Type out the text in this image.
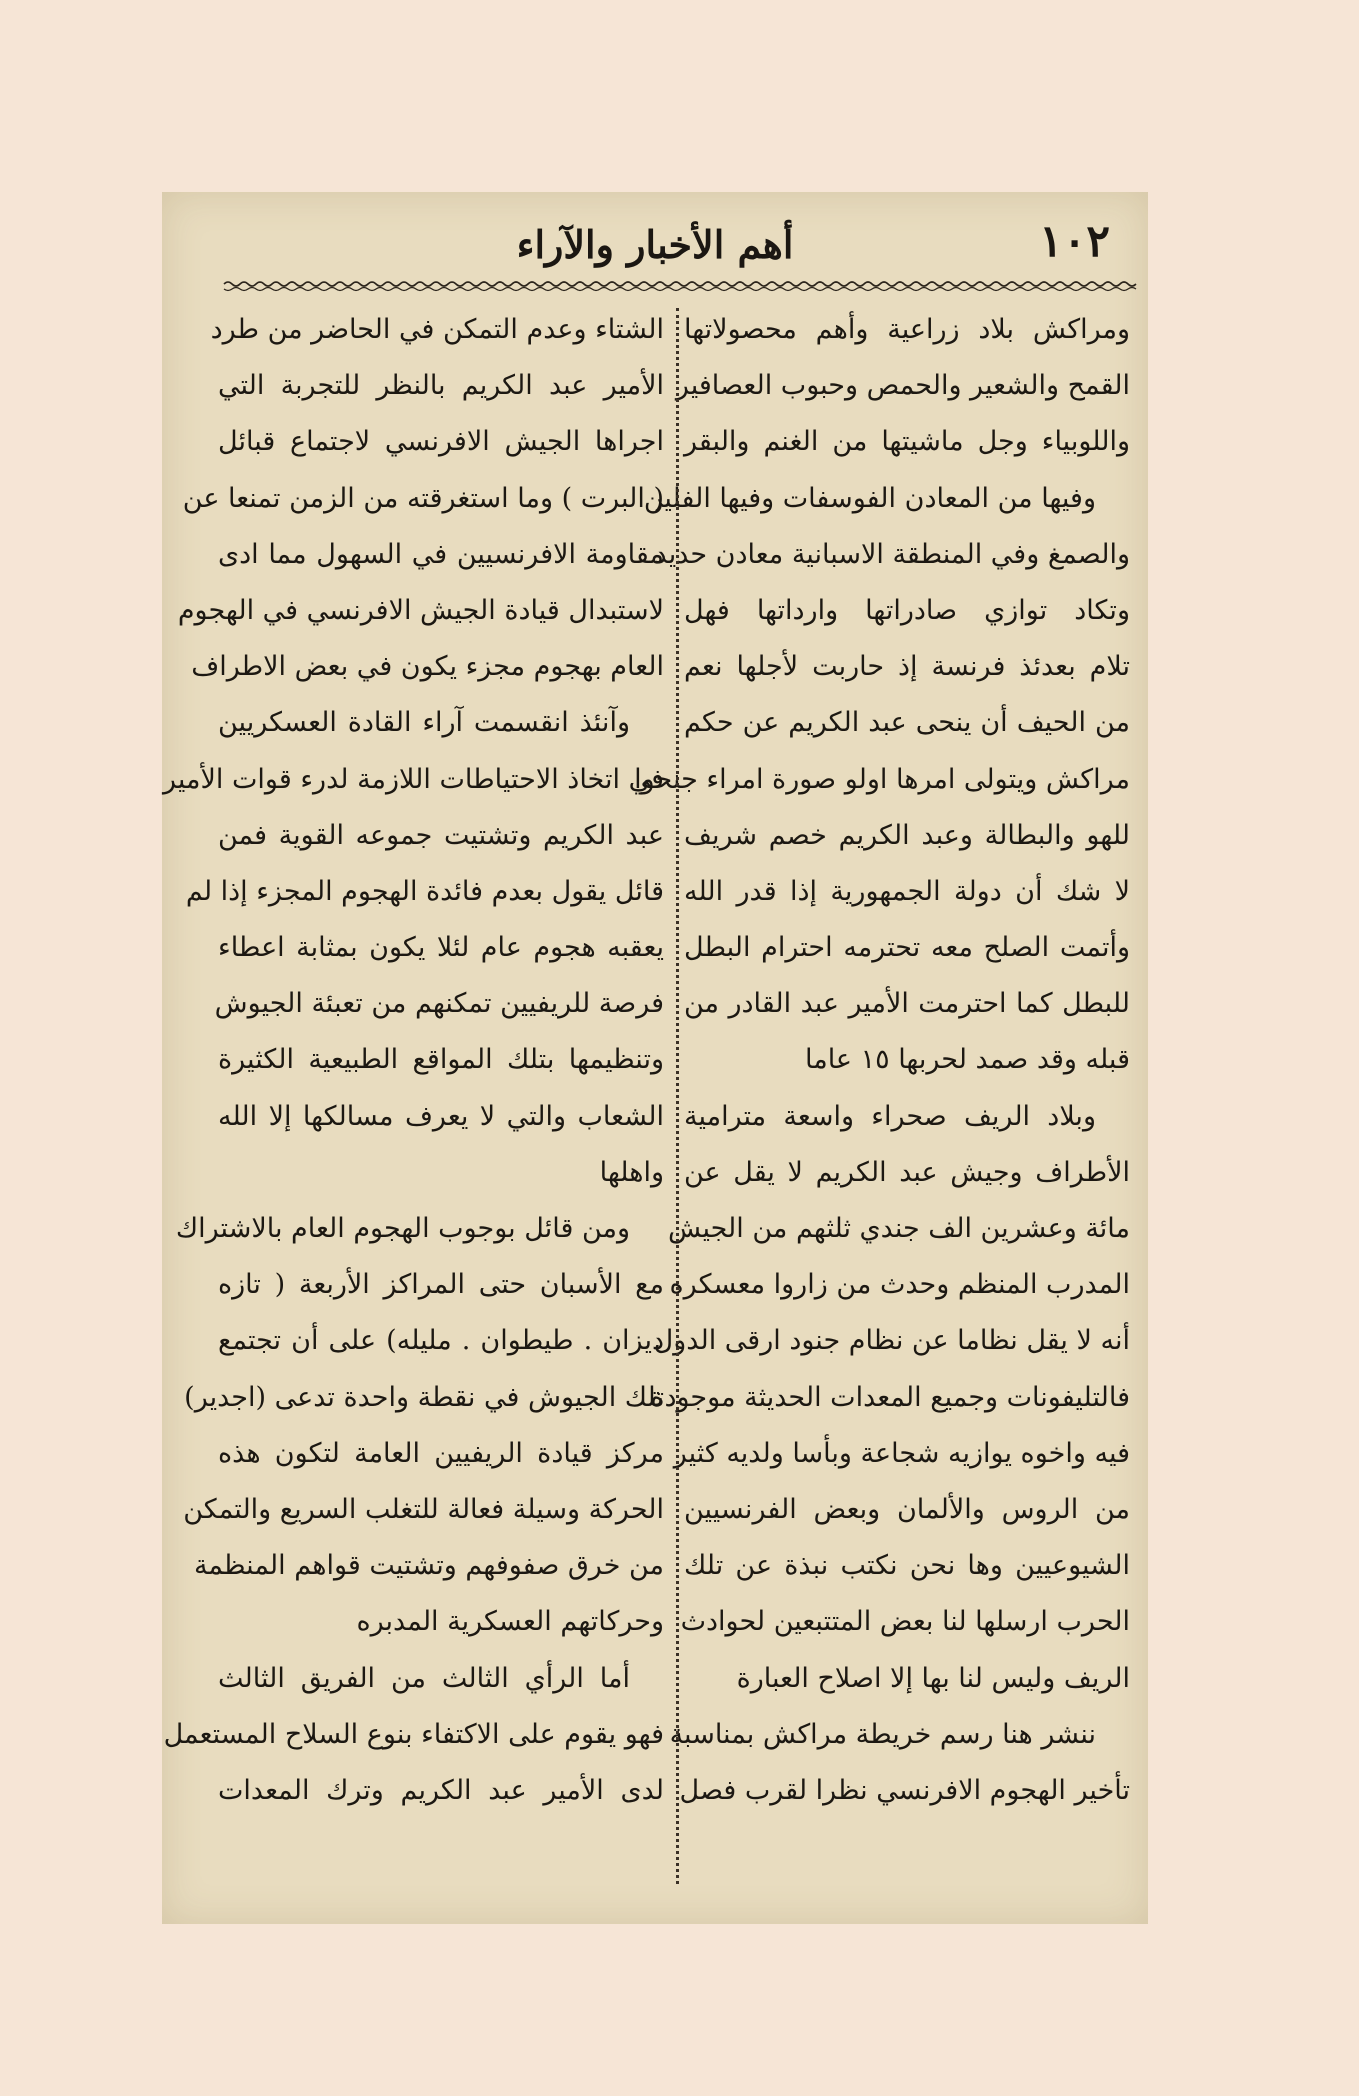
١٠٢
أهم الأخبار والآراء
ومراكش بلاد زراعية وأهم محصولاتها
القمح والشعير والحمص وحبوب العصافير
واللوبياء وجل ماشيتها من الغنم والبقر
وفيها من المعادن الفوسفات وفيها الفلين
والصمغ وفي المنطقة الاسبانية معادن حديد
وتكاد توازي صادراتها وارداتها فهل
تلام بعدئذ فرنسة إذ حاربت لأجلها نعم
من الحيف أن ينحى عبد الكريم عن حكم
مراكش ويتولى امرها اولو صورة امراء جنحوا
للهو والبطالة وعبد الكريم خصم شريف
لا شك أن دولة الجمهورية إذا قدر الله
وأتمت الصلح معه تحترمه احترام البطل
للبطل كما احترمت الأمير عبد القادر من
قبله وقد صمد لحربها ١٥ عاما
وبلاد الريف صحراء واسعة مترامية
الأطراف وجيش عبد الكريم لا يقل عن
مائة وعشرين الف جندي ثلثهم من الجيش
المدرب المنظم وحدث من زاروا معسكره
أنه لا يقل نظاما عن نظام جنود ارقى الدول
فالتليفونات وجميع المعدات الحديثة موجودة
فيه واخوه يوازيه شجاعة وبأسا ولديه كثير
من الروس والألمان وبعض الفرنسيين
الشيوعيين وها نحن نكتب نبذة عن تلك
الحرب ارسلها لنا بعض المتتبعين لحوادث
الريف وليس لنا بها إلا اصلاح العبارة
ننشر هنا رسم خريطة مراكش بمناسبة
تأخير الهجوم الافرنسي نظرا لقرب فصل
الشتاء وعدم التمكن في الحاضر من طرد
الأمير عبد الكريم بالنظر للتجربة التي
اجراها الجيش الافرنسي لاجتماع قبائل
( البرت ) وما استغرقته من الزمن تمنعا عن
مقاومة الافرنسيين في السهول مما ادى
لاستبدال قيادة الجيش الافرنسي في الهجوم
العام بهجوم مجزء يكون في بعض الاطراف
وآنئذ انقسمت آراء القادة العسكريين
في اتخاذ الاحتياطات اللازمة لدرء قوات الأمير
عبد الكريم وتشتيت جموعه القوية فمن
قائل يقول بعدم فائدة الهجوم المجزء إذا لم
يعقبه هجوم عام لئلا يكون بمثابة اعطاء
فرصة للريفيين تمكنهم من تعبئة الجيوش
وتنظيمها بتلك المواقع الطبيعية الكثيرة
الشعاب والتي لا يعرف مسالكها إلا الله
واهلها
ومن قائل بوجوب الهجوم العام بالاشتراك
مع الأسبان حتى المراكز الأربعة ( تازه
ديزان . طيطوان . مليله) على أن تجتمع
تلك الجيوش في نقطة واحدة تدعى (اجدير)
مركز قيادة الريفيين العامة لتكون هذه
الحركة وسيلة فعالة للتغلب السريع والتمكن
من خرق صفوفهم وتشتيت قواهم المنظمة
وحركاتهم العسكرية المدبره
أما الرأي الثالث من الفريق الثالث
فهو يقوم على الاكتفاء بنوع السلاح المستعمل
لدى الأمير عبد الكريم وترك المعدات
